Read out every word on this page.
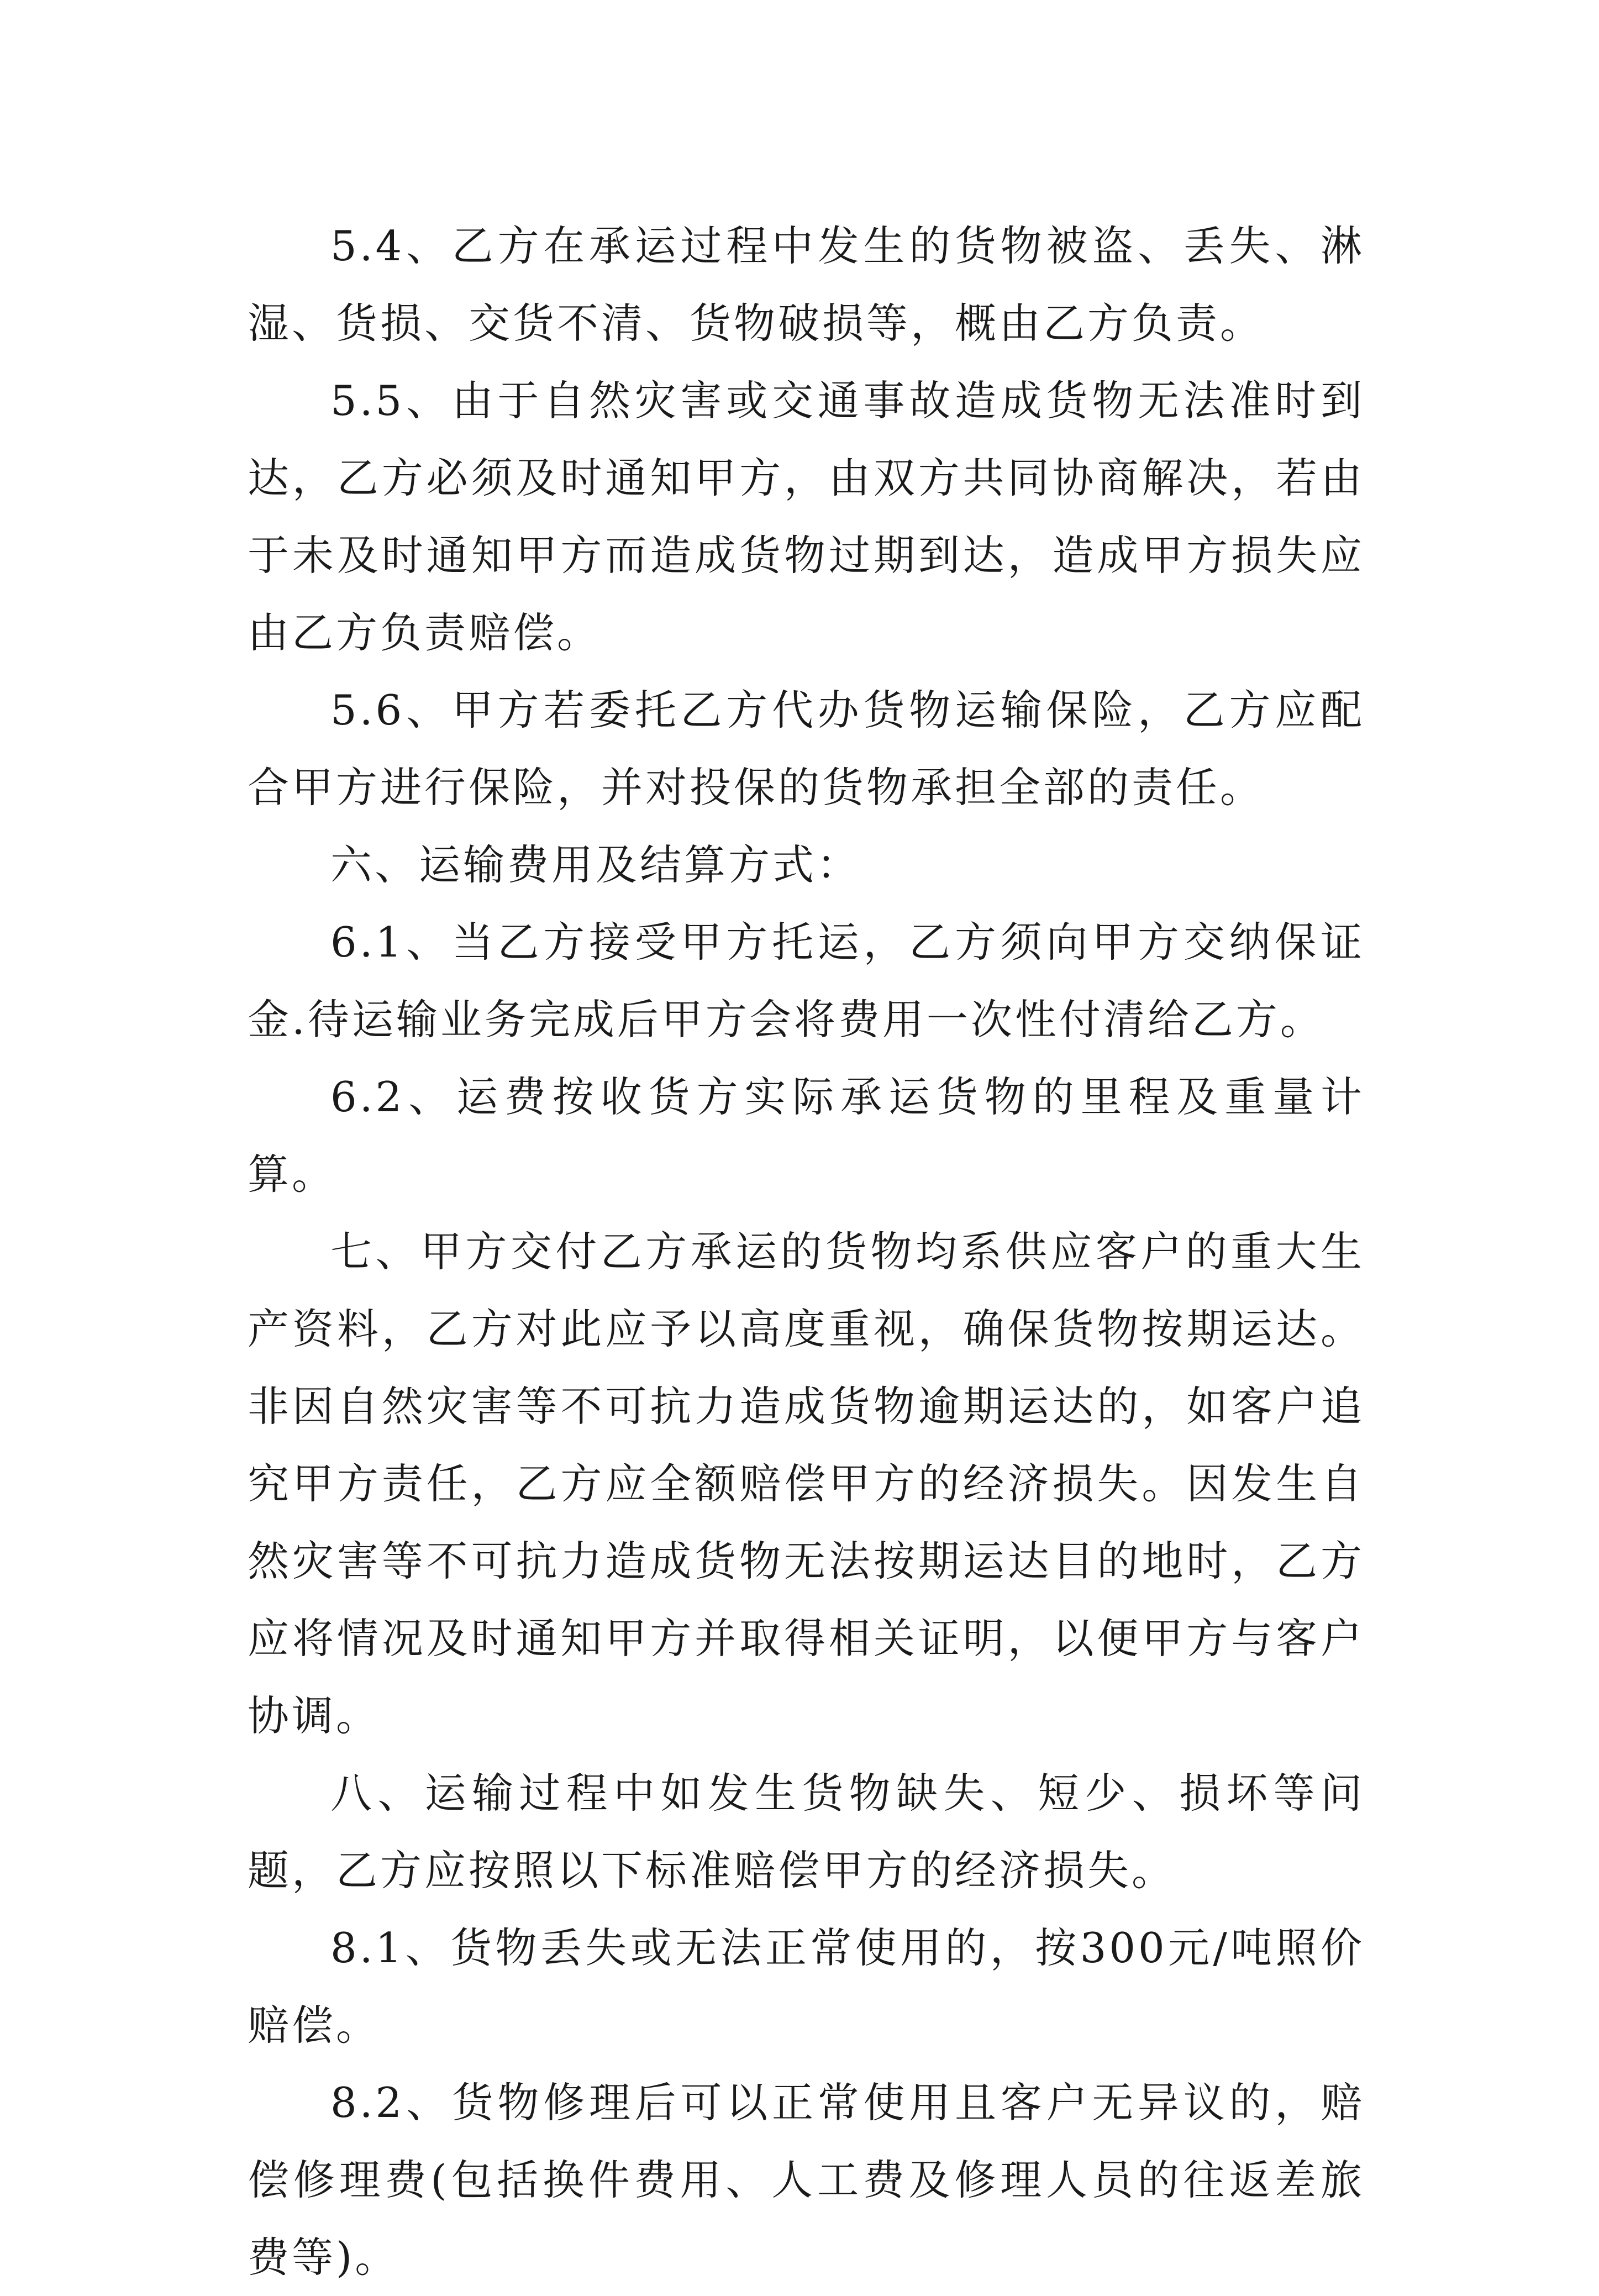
5.4、乙方在承运过程中发生的货物被盗、丢失、淋湿、货损、交货不清、货物破损等，概由乙方负责。

5.5、由于自然灾害或交通事故造成货物无法准时到达，乙方必须及时通知甲方，由双方共同协商解决，若由于未及时通知甲方而造成货物过期到达，造成甲方损失应由乙方负责赔偿。

5.6、甲方若委托乙方代办货物运输保险，乙方应配合甲方进行保险，并对投保的货物承担全部的责任。

六、运输费用及结算方式：

6.1、当乙方接受甲方托运，乙方须向甲方交纳保证金.待运输业务完成后甲方会将费用一次性付清给乙方。

6.2、运费按收货方实际承运货物的里程及重量计算。

七、甲方交付乙方承运的货物均系供应客户的重大生产资料，乙方对此应予以高度重视，确保货物按期运达。非因自然灾害等不可抗力造成货物逾期运达的，如客户追究甲方责任，乙方应全额赔偿甲方的经济损失。因发生自然灾害等不可抗力造成货物无法按期运达目的地时，乙方应将情况及时通知甲方并取得相关证明，以便甲方与客户协调。

八、运输过程中如发生货物缺失、短少、损坏等问题，乙方应按照以下标准赔偿甲方的经济损失。

8.1、货物丢失或无法正常使用的，按300元/吨照价赔偿。

8.2、货物修理后可以正常使用且客户无异议的，赔偿修理费(包括换件费用、人工费及修理人员的往返差旅费等)。
